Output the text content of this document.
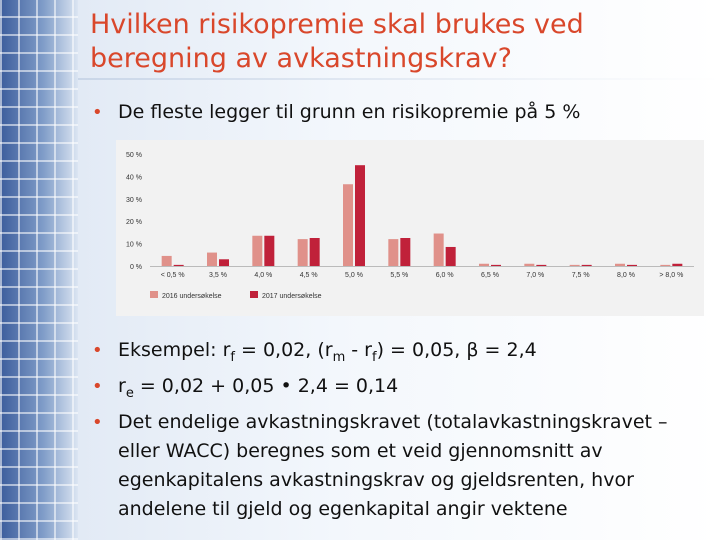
Hvilken risikopremie skal brukes ved beregning av avkastningskrav?
• De fleste legger til grunn en risikopremie på 5 %
0 %
10 %
20 %
30 %
40 %
50 %
< 0,5 %	3,5 %	4,0 %	4,5 %	5,0 %	5,5 %	6,0 %	6,5 %	7,0 %	7,5 %	8,0 %	> 8,0 %
2016 undersøkelse	2017 undersøkelse
• Eksempel: $r_f = 0,02$, $(r_m - r_f) = 0,05$, β = 2,4
• $r_e = 0,02 + 0,05$ • 2,4 = 0,14
• Det endelige avkastningskravet (totalavkastningskravet – eller WACC) beregnes som et veid gjennomsnitt av egenkapitalens avkastningskrav og gjeldsrenten, hvor andelene til gjeld og egenkapital angir vektene
